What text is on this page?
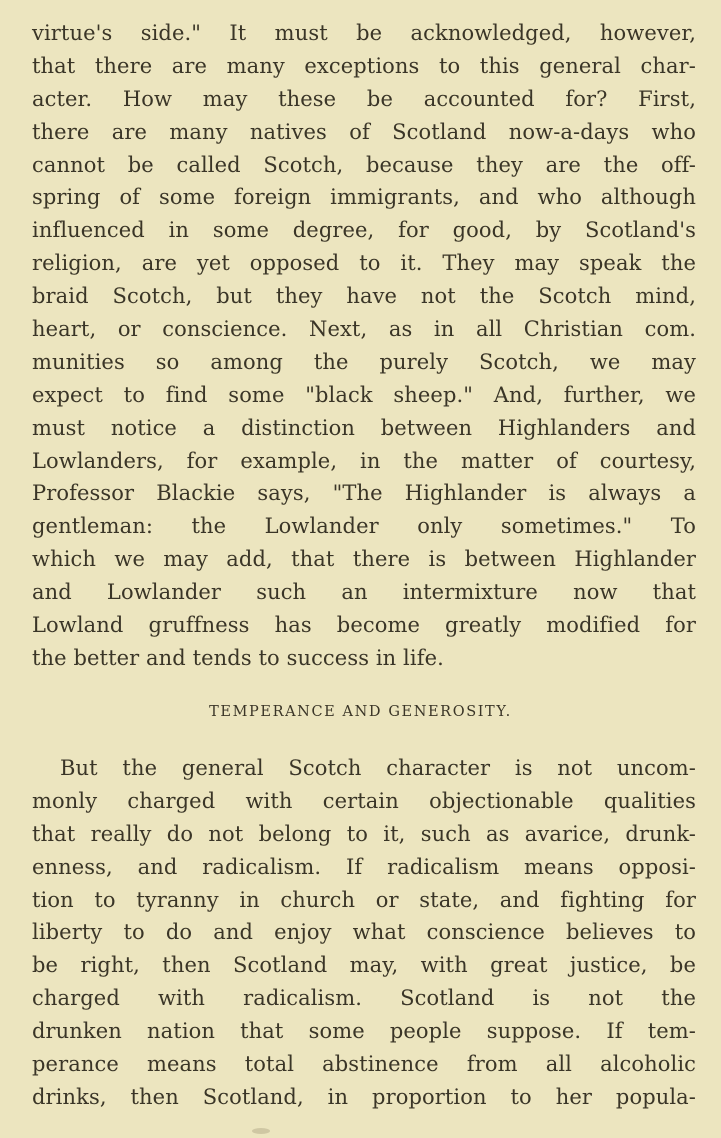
virtue's side." It must be acknowledged, however,
that there are many exceptions to this general char-
acter. How may these be accounted for? First,
there are many natives of Scotland now-a-days who
cannot be called Scotch, because they are the off-
spring of some foreign immigrants, and who although
influenced in some degree, for good, by Scotland's
religion, are yet opposed to it. They may speak the
braid Scotch, but they have not the Scotch mind,
heart, or conscience. Next, as in all Christian com.
munities so among the purely Scotch, we may
expect to find some "black sheep." And, further, we
must notice a distinction between Highlanders and
Lowlanders, for example, in the matter of courtesy,
Professor Blackie says, "The Highlander is always a
gentleman: the Lowlander only sometimes." To
which we may add, that there is between Highlander
and Lowlander such an intermixture now that
Lowland gruffness has become greatly modified for
the better and tends to success in life.
TEMPERANCE AND GENEROSITY.
But the general Scotch character is not uncom-
monly charged with certain objectionable qualities
that really do not belong to it, such as avarice, drunk-
enness, and radicalism. If radicalism means opposi-
tion to tyranny in church or state, and fighting for
liberty to do and enjoy what conscience believes to
be right, then Scotland may, with great justice, be
charged with radicalism. Scotland is not the
drunken nation that some people suppose. If tem-
perance means total abstinence from all alcoholic
drinks, then Scotland, in proportion to her popula-
